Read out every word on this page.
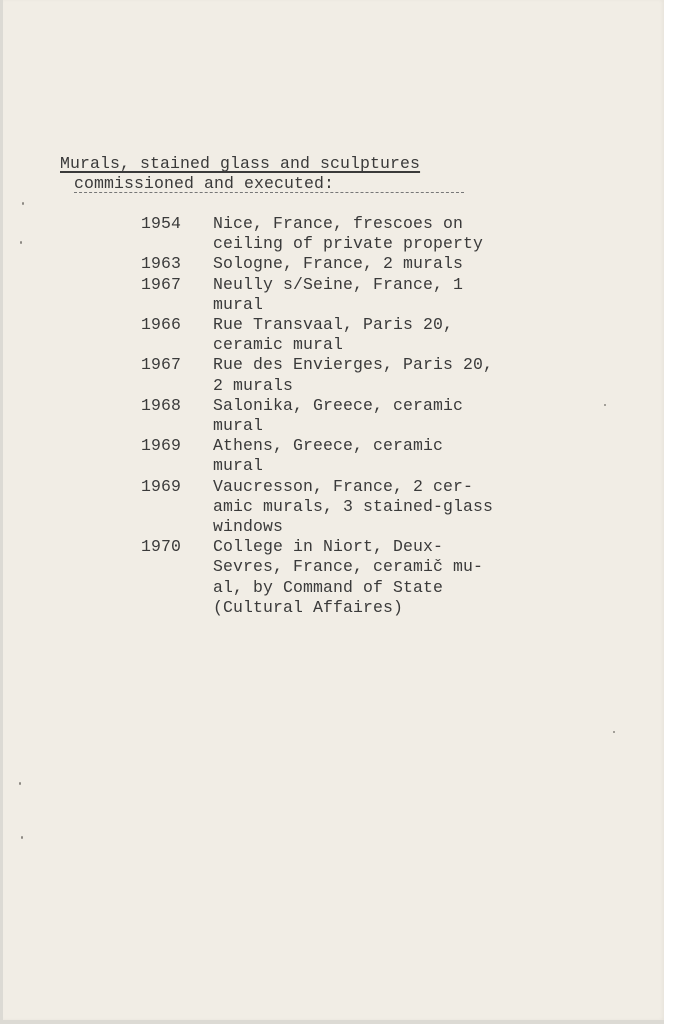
Murals, stained glass and sculptures
commissioned and executed:
1954	Nice, France, frescoes on
ceiling of private property
1963	Sologne, France, 2 murals
1967	Neully s/Seine, France, 1
mural
1966	Rue Transvaal, Paris 20,
ceramic mural
1967	Rue des Envierges, Paris 20,
2 murals
1968	Salonika, Greece, ceramic
mural
1969	Athens, Greece, ceramic
mural
1969	Vaucresson, France, 2 cer-
amic murals, 3 stained-glass
windows
1970	College in Niort, Deux-
Sevres, France, ceramič mu-
al, by Command of State
(Cultural Affaires)
